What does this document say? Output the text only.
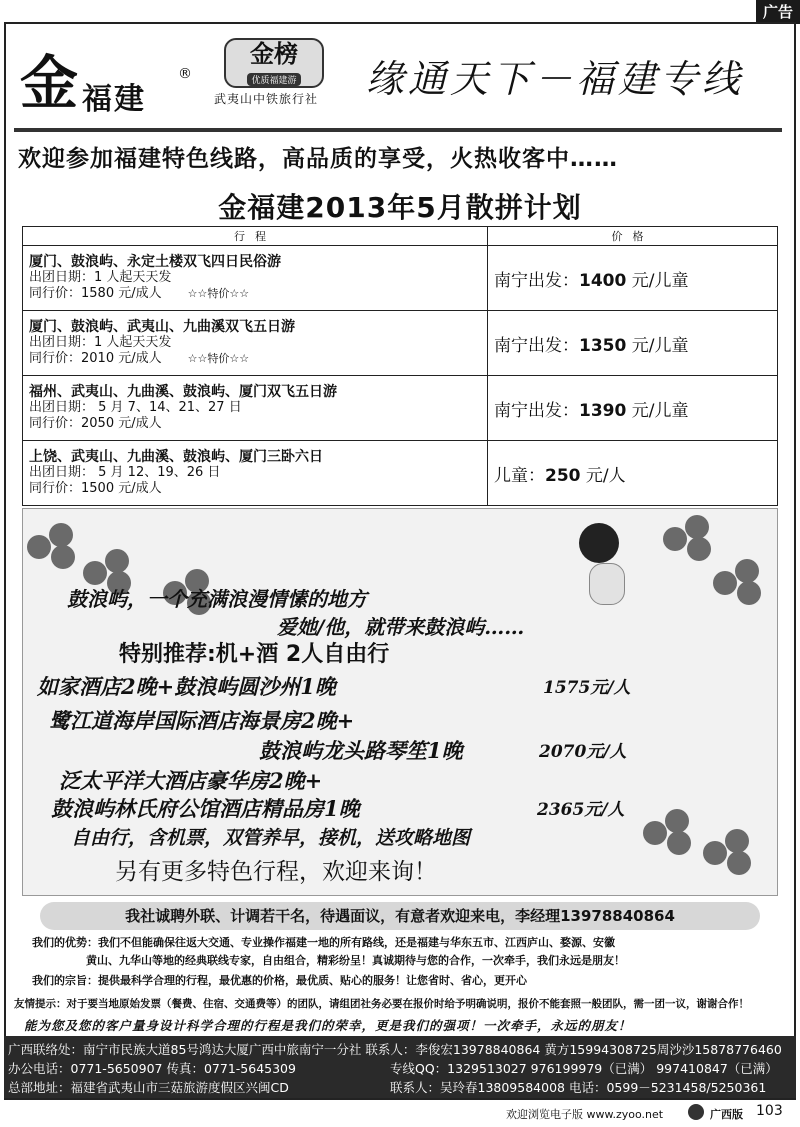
广告
金 福建
®
金榜
优质福建游
武夷山中铁旅行社	缘通天下－福建专线
欢迎参加福建特色线路，高品质的享受，火热收客中……
金福建2013年5月散拼计划
行程	价格

厦门、鼓浪屿、永定土楼双飞四日民俗游
出团日期：1 人起天天发
同行价：1580 元/成人 ☆☆特价☆☆	南宁出发：1400 元/儿童

厦门、鼓浪屿、武夷山、九曲溪双飞五日游
出团日期：1 人起天天发
同行价：2010 元/成人 ☆☆特价☆☆	南宁出发：1350 元/儿童

福州、武夷山、九曲溪、鼓浪屿、厦门双飞五日游
出团日期： 5 月 7、14、21、27 日
同行价：2050 元/成人	南宁出发：1390 元/儿童

上饶、武夷山、九曲溪、鼓浪屿、厦门三卧六日
出团日期： 5 月 12、19、26 日
同行价：1500 元/成人	儿童：250 元/人
鼓浪屿，一个充满浪漫情愫的地方
爱她/他，就带来鼓浪屿……
特别推荐:机+酒 2人自由行
如家酒店2晚+鼓浪屿圆沙州1晚	1575元/人
鹭江道海岸国际酒店海景房2晚+
鼓浪屿龙头路琴笙1晚	2070元/人
泛太平洋大酒店豪华房2晚+
鼓浪屿林氏府公馆酒店精品房1晚	2365元/人
自由行，含机票，双管养早，接机，送攻略地图
另有更多特色行程，欢迎来询！
我社诚聘外联、计调若干名，待遇面议，有意者欢迎来电，李经理13978840864
我们的优势：我们不但能确保往返大交通、专业操作福建一地的所有路线，还是福建与华东五市、江西庐山、婺源、安徽
黄山、九华山等地的经典联线专家，自由组合，精彩纷呈！真诚期待与您的合作，一次牵手，我们永远是朋友！
我们的宗旨：提供最科学合理的行程，最优惠的价格，最优质、贴心的服务！让您省时、省心，更开心
友情提示：对于要当地原始发票（餐费、住宿、交通费等）的团队，请组团社务必要在报价时给予明确说明，报价不能套照一般团队，需一团一议，谢谢合作！
能为您及您的客户量身设计科学合理的行程是我们的荣幸，更是我们的强项！一次牵手，永远的朋友！
广西联络处：南宁市民族大道85号鸿达大厦广西中旅南宁一分社 联系人：李俊宏13978840864 黄方15994308725周沙沙15878776460
办公电话：0771-5650907 传真：0771-5645309	专线QQ：1329513027 976199979（已满） 997410847（已满）
总部地址：福建省武夷山市三菇旅游度假区兴闽CD	联系人：吴玲春13809584008 电话：0599－5231458/5250361
欢迎浏览电子版 www.zyoo.net	广西版 103
